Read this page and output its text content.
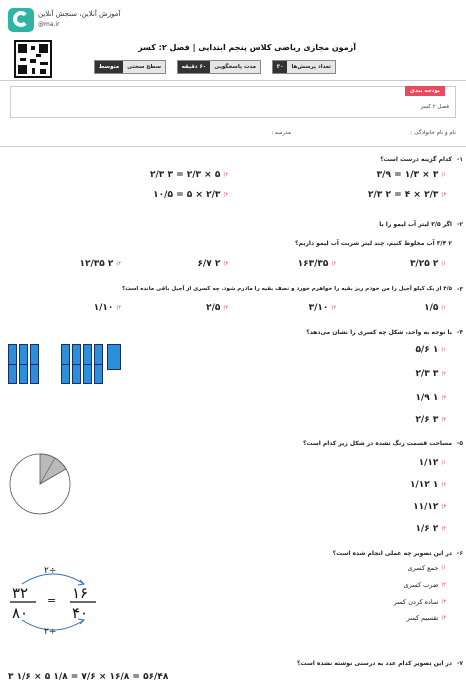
آموزش آنلاین، سنجش آنلاین
@ma.ir
آزمون مجازی ریاضی کلاس پنجم ابتدایی | فصل ۲: کسر
تعداد پرسش‌ها
۲۰
مدت پاسخگویی
۶۰ دقیقه
سطح سختی
متوسط
بودجه بندی
فصل ۲ کسر
نام و نام خانوادگی :
مدرسه :
۱-
کدام گزینه درست است؟
۱)
۳ × ۱/۳ = ۳/۹
۲)
۵ × ۲/۳ = ۳ ۲/۳
۳)
۲/۳ × ۴ = ۲ ۲/۳
۴)
۲/۳ × ۵ = ۱۰/۵
۲-
اگر ۳/۵ لیتر آب لیمو را با
۲ ۳/۴ آب مخلوط کنیم، چند لیتر شربت آب لیمو داریم؟
۱)
۲ ۳/۲۵
۲)
۱۶۳/۳۵
۳)
۲ ۶/۷
۴)
۲ ۱۲/۳۵
۳-
۴/۵ از یک کیلو آجیل را من خودم ریز بقیه را خواهرم خورد و نصف بقیه را مادرم شود. چه کسری از آجیل باقی مانده است؟
۱)
۱/۵
۲)
۳/۱۰
۳)
۲/۵
۴)
۱/۱۰
۴-
با توجه به واحد، شکل چه کسری را نشان می‌دهد؟
۱)
۱ ۵/۶
۲)
۳ ۲/۳
۳)
۱ ۱/۹
۴)
۳ ۲/۶
۵-
مساحت قسمت رنگ نشده در شکل زیر کدام است؟
۱)
۱/۱۲
۲)
۱ ۱/۱۲
۳)
۱۱/۱۲
۴)
۲ ۱/۶
۶-
در این تصویر چه عملی انجام شده است؟
۱)
جمع کسری
۲)
ضرب کسری
۳)
ساده کردن کسر
۴)
تقسیم کسر
÷۲
÷۲
۳۲
۸۰
= ۱۶
۴۰
۷-
در این تصویر کدام عدد به درستی نوشته نشده است؟
۳ ۱/۶ × ۵ ۱/۸ = ۷/۶ × ۱۶/۸ = ۵۶/۴۸
